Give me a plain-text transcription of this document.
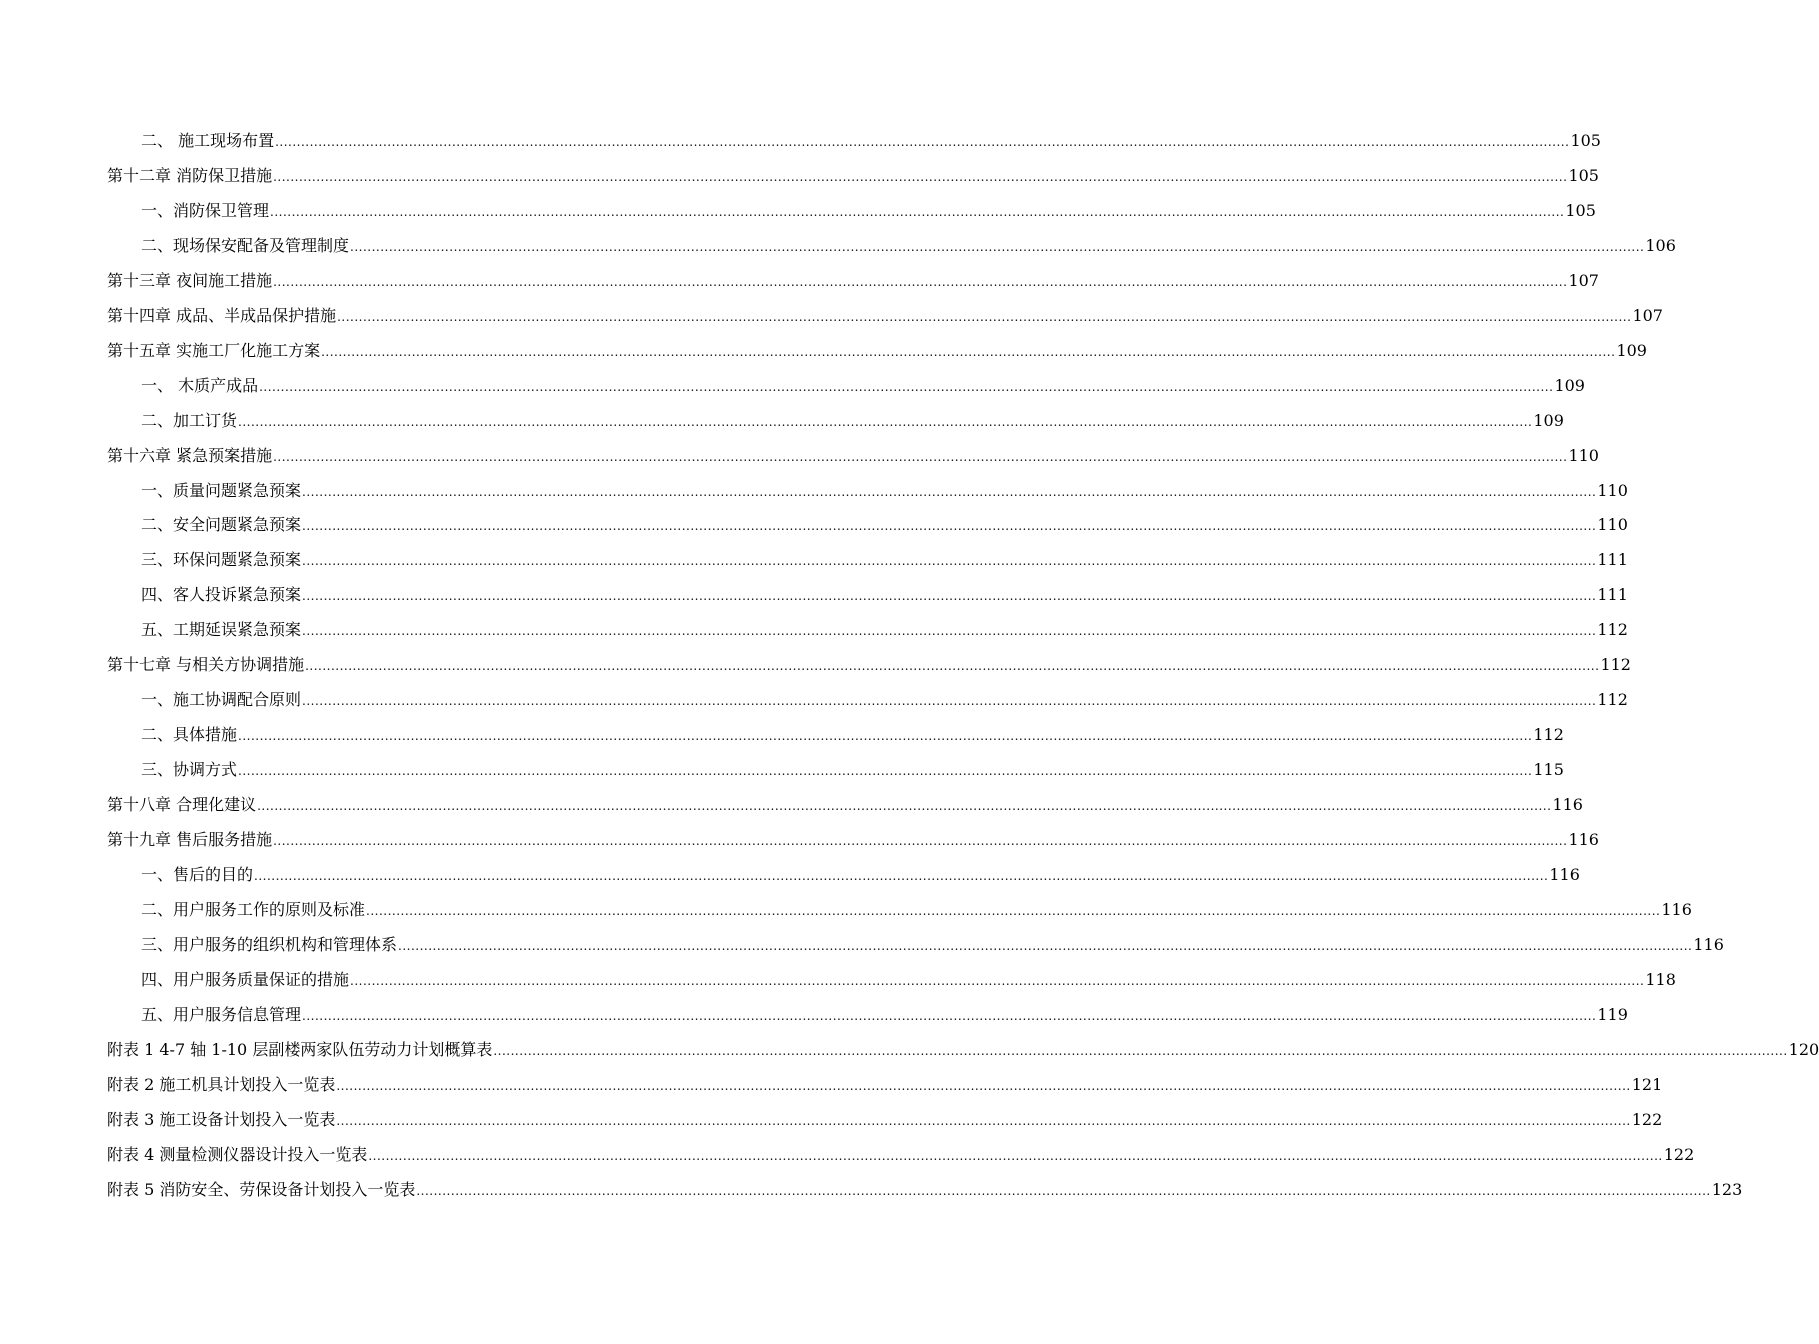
二、 施工现场布置 ............................................................................................................................................................................................................................................................................................................ 105
第十二章 消防保卫措施 ............................................................................................................................................................................................................................................................................................................ 105
一、消防保卫管理 ............................................................................................................................................................................................................................................................................................................ 105
二、现场保安配备及管理制度 ............................................................................................................................................................................................................................................................................................................ 106
第十三章 夜间施工措施 ............................................................................................................................................................................................................................................................................................................ 107
第十四章 成品、半成品保护措施 ............................................................................................................................................................................................................................................................................................................ 107
第十五章 实施工厂化施工方案 ............................................................................................................................................................................................................................................................................................................ 109
一、 木质产成品 ............................................................................................................................................................................................................................................................................................................ 109
二、加工订货 ............................................................................................................................................................................................................................................................................................................ 109
第十六章 紧急预案措施 ............................................................................................................................................................................................................................................................................................................ 110
一、质量问题紧急预案 ............................................................................................................................................................................................................................................................................................................ 110
二、安全问题紧急预案 ............................................................................................................................................................................................................................................................................................................ 110
三、环保问题紧急预案 ............................................................................................................................................................................................................................................................................................................ 111
四、客人投诉紧急预案 ............................................................................................................................................................................................................................................................................................................ 111
五、工期延误紧急预案 ............................................................................................................................................................................................................................................................................................................ 112
第十七章 与相关方协调措施 ............................................................................................................................................................................................................................................................................................................ 112
一、施工协调配合原则 ............................................................................................................................................................................................................................................................................................................ 112
二、具体措施 ............................................................................................................................................................................................................................................................................................................ 112
三、协调方式 ............................................................................................................................................................................................................................................................................................................ 115
第十八章 合理化建议 ............................................................................................................................................................................................................................................................................................................ 116
第十九章 售后服务措施 ............................................................................................................................................................................................................................................................................................................ 116
一、售后的目的 ............................................................................................................................................................................................................................................................................................................ 116
二、用户服务工作的原则及标准 ............................................................................................................................................................................................................................................................................................................ 116
三、用户服务的组织机构和管理体系 ............................................................................................................................................................................................................................................................................................................ 116
四、用户服务质量保证的措施 ............................................................................................................................................................................................................................................................................................................ 118
五、用户服务信息管理 ............................................................................................................................................................................................................................................................................................................ 119
附表 1 4-7 轴 1-10 层副楼两家队伍劳动力计划概算表 ............................................................................................................................................................................................................................................................................................................ 120
附表 2 施工机具计划投入一览表 ............................................................................................................................................................................................................................................................................................................ 121
附表 3 施工设备计划投入一览表 ............................................................................................................................................................................................................................................................................................................ 122
附表 4 测量检测仪器设计投入一览表 ............................................................................................................................................................................................................................................................................................................ 122
附表 5 消防安全、劳保设备计划投入一览表 ............................................................................................................................................................................................................................................................................................................ 123
